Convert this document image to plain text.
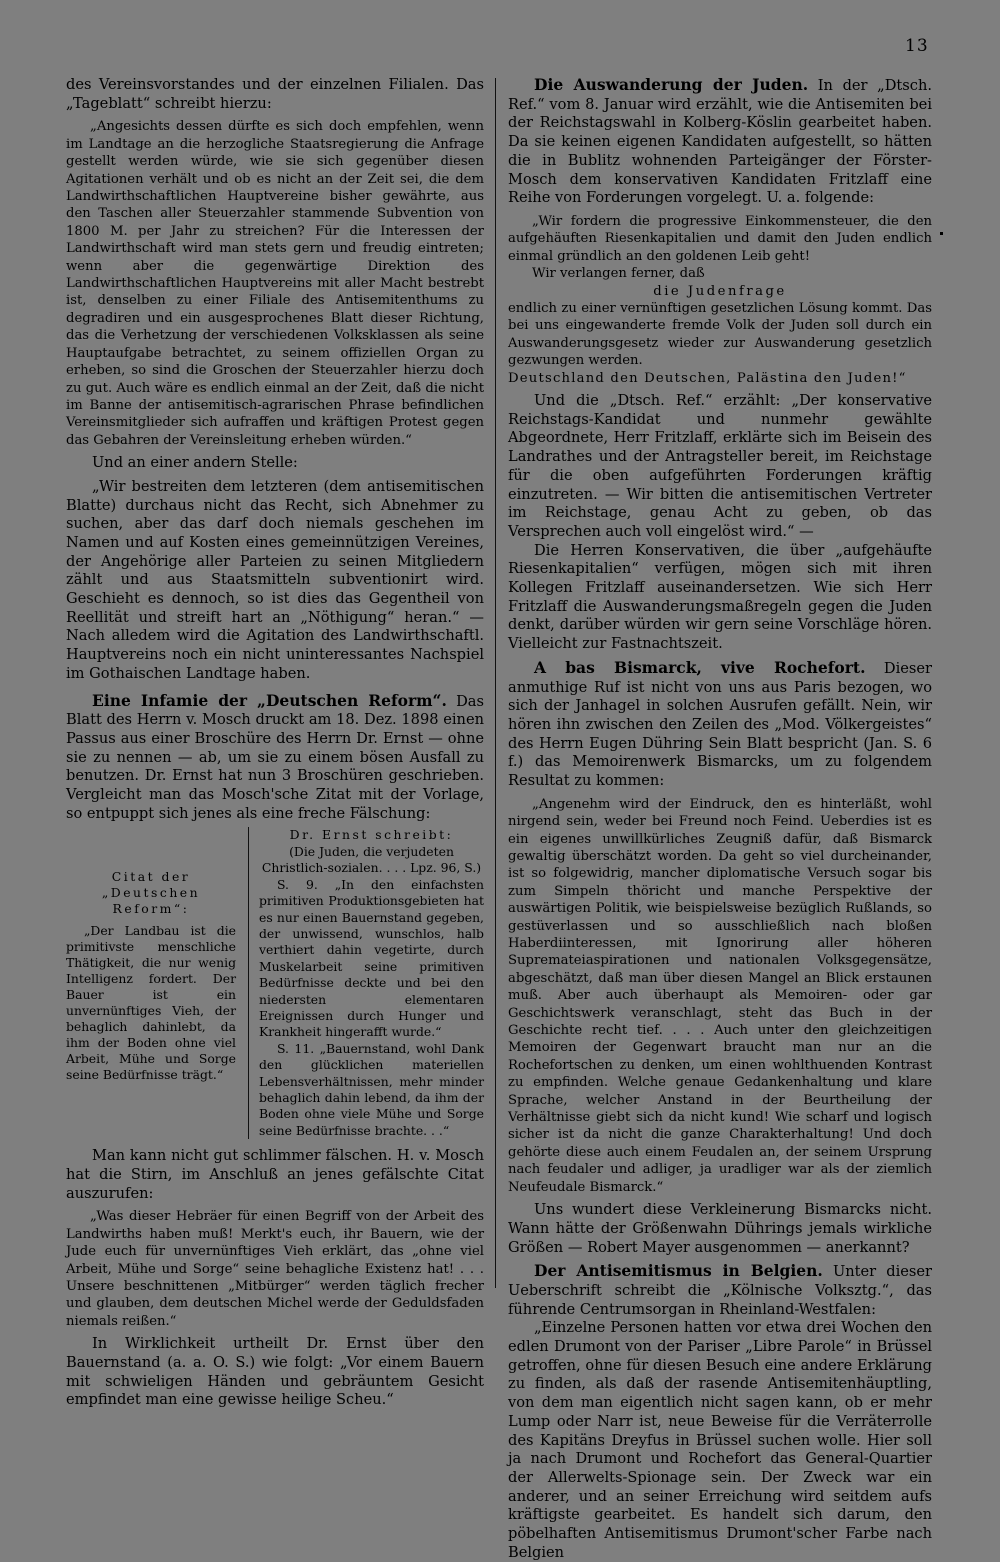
13

des Vereinsvorstandes und der einzelnen Filialen. Das „Tageblatt“ schreibt hierzu:

„Angesichts dessen dürfte es sich doch empfehlen, wenn im Landtage an die herzogliche Staatsregierung die Anfrage gestellt werden würde, wie sie sich gegenüber diesen Agitationen verhält und ob es nicht an der Zeit sei, die dem Landwirthschaftlichen Hauptvereine bisher gewährte, aus den Taschen aller Steuerzahler stammende Subvention von 1800 M. per Jahr zu streichen? Für die Interessen der Landwirthschaft wird man stets gern und freudig eintreten; wenn aber die gegenwärtige Direktion des Landwirthschaftlichen Hauptvereins mit aller Macht bestrebt ist, denselben zu einer Filiale des Antisemitenthums zu degradiren und ein ausgesprochenes Blatt dieser Richtung, das die Verhetzung der verschiedenen Volksklassen als seine Hauptaufgabe betrachtet, zu seinem offiziellen Organ zu erheben, so sind die Groschen der Steuerzahler hierzu doch zu gut. Auch wäre es endlich einmal an der Zeit, daß die nicht im Banne der antisemitisch-agrarischen Phrase befindlichen Vereinsmitglieder sich aufraffen und kräftigen Protest gegen das Gebahren der Vereinsleitung erheben würden.“

Und an einer andern Stelle:

„Wir bestreiten dem letzteren (dem antisemitischen Blatte) durchaus nicht das Recht, sich Abnehmer zu suchen, aber das darf doch niemals geschehen im Namen und auf Kosten eines gemeinnützigen Vereines, der Angehörige aller Parteien zu seinen Mitgliedern zählt und aus Staatsmitteln subventionirt wird. Geschieht es dennoch, so ist dies das Gegentheil von Reellität und streift hart an „Nöthigung“ heran.“ — Nach alledem wird die Agitation des Landwirthschaftl. Hauptvereins noch ein nicht uninteressantes Nachspiel im Gothaischen Landtage haben.

Eine Infamie der „Deutschen Reform“. Das Blatt des Herrn v. Mosch druckt am 18. Dez. 1898 einen Passus aus einer Broschüre des Herrn Dr. Ernst — ohne sie zu nennen — ab, um sie zu einem bösen Ausfall zu benutzen. Dr. Ernst hat nun 3 Broschüren geschrieben. Vergleicht man das Mosch'sche Zitat mit der Vorlage, so entpuppt sich jenes als eine freche Fälschung:

Citat der „Deutschen Reform“:

„Der Landbau ist die primitivste menschliche Thätigkeit, die nur wenig Intelligenz fordert. Der Bauer ist ein unvernünftiges Vieh, der behaglich dahinlebt, da ihm der Boden ohne viel Arbeit, Mühe und Sorge seine Bedürfnisse trägt.“

Dr. Ernst schreibt:

(Die Juden, die verjudeten Christlich-sozialen. . . . Lpz. 96, S.)

S. 9. „In den einfachsten primitiven Produktionsgebieten hat es nur einen Bauernstand gegeben, der unwissend, wunschlos, halb verthiert dahin vegetirte, durch Muskelarbeit seine primitiven Bedürfnisse deckte und bei den niedersten elementaren Ereignissen durch Hunger und Krankheit hingerafft wurde.“

S. 11. „Bauernstand, wohl Dank den glücklichen materiellen Lebensverhältnissen, mehr minder behaglich dahin lebend, da ihm der Boden ohne viele Mühe und Sorge seine Bedürfnisse brachte. . .“

Man kann nicht gut schlimmer fälschen. H. v. Mosch hat die Stirn, im Anschluß an jenes gefälschte Citat auszurufen:

„Was dieser Hebräer für einen Begriff von der Arbeit des Landwirths haben muß! Merkt's euch, ihr Bauern, wie der Jude euch für unvernünftiges Vieh erklärt, das „ohne viel Arbeit, Mühe und Sorge“ seine behagliche Existenz hat! . . . Unsere beschnittenen „Mitbürger“ werden täglich frecher und glauben, dem deutschen Michel werde der Geduldsfaden niemals reißen.“

In Wirklichkeit urtheilt Dr. Ernst über den Bauernstand (a. a. O. S.) wie folgt: „Vor einem Bauern mit schwieligen Händen und gebräuntem Gesicht empfindet man eine gewisse heilige Scheu.“

Die Auswanderung der Juden. In der „Dtsch. Ref.“ vom 8. Januar wird erzählt, wie die Antisemiten bei der Reichstagswahl in Kolberg-Köslin gearbeitet haben. Da sie keinen eigenen Kandidaten aufgestellt, so hätten die in Bublitz wohnenden Parteigänger der Förster-Mosch dem konservativen Kandidaten Fritzlaff eine Reihe von Forderungen vorgelegt. U. a. folgende:

„Wir fordern die progressive Einkommensteuer, die den aufgehäuften Riesenkapitalien und damit den Juden endlich einmal gründlich an den goldenen Leib geht!

Wir verlangen ferner, daß

die Judenfrage

endlich zu einer vernünftigen gesetzlichen Lösung kommt. Das bei uns eingewanderte fremde Volk der Juden soll durch ein Auswanderungsgesetz wieder zur Auswanderung gesetzlich gezwungen werden.

Deutschland den Deutschen, Palästina den Juden!“

Und die „Dtsch. Ref.“ erzählt: „Der konservative Reichstags-Kandidat und nunmehr gewählte Abgeordnete, Herr Fritzlaff, erklärte sich im Beisein des Landrathes und der Antragsteller bereit, im Reichstage für die oben aufgeführten Forderungen kräftig einzutreten. — Wir bitten die antisemitischen Vertreter im Reichstage, genau Acht zu geben, ob das Versprechen auch voll eingelöst wird.“ —

Die Herren Konservativen, die über „aufgehäufte Riesenkapitalien“ verfügen, mögen sich mit ihren Kollegen Fritzlaff auseinandersetzen. Wie sich Herr Fritzlaff die Auswanderungsmaßregeln gegen die Juden denkt, darüber würden wir gern seine Vorschläge hören. Vielleicht zur Fastnachtszeit.

A bas Bismarck, vive Rochefort. Dieser anmuthige Ruf ist nicht von uns aus Paris bezogen, wo sich der Janhagel in solchen Ausrufen gefällt. Nein, wir hören ihn zwischen den Zeilen des „Mod. Völkergeistes“ des Herrn Eugen Dühring Sein Blatt bespricht (Jan. S. 6 f.) das Memoirenwerk Bismarcks, um zu folgendem Resultat zu kommen:

„Angenehm wird der Eindruck, den es hinterläßt, wohl nirgend sein, weder bei Freund noch Feind. Ueberdies ist es ein eigenes unwillkürliches Zeugniß dafür, daß Bismarck gewaltig überschätzt worden. Da geht so viel durcheinander, ist so folgewidrig, mancher diplomatische Versuch sogar bis zum Simpeln thöricht und manche Perspektive der auswärtigen Politik, wie beispielsweise bezüglich Rußlands, so gestüverlassen und so ausschließlich nach bloßen Haberdiinteressen, mit Ignorirung aller höheren Supremateiaspirationen und nationalen Volksgegensätze, abgeschätzt, daß man über diesen Mangel an Blick erstaunen muß. Aber auch überhaupt als Memoiren- oder gar Geschichtswerk veranschlagt, steht das Buch in der Geschichte recht tief. . . . Auch unter den gleichzeitigen Memoiren der Gegenwart braucht man nur an die Rochefortschen zu denken, um einen wohlthuenden Kontrast zu empfinden. Welche genaue Gedankenhaltung und klare Sprache, welcher Anstand in der Beurtheilung der Verhältnisse giebt sich da nicht kund! Wie scharf und logisch sicher ist da nicht die ganze Charakterhaltung! Und doch gehörte diese auch einem Feudalen an, der seinem Ursprung nach feudaler und adliger, ja uradliger war als der ziemlich Neufeudale Bismarck.“

Uns wundert diese Verkleinerung Bismarcks nicht. Wann hätte der Größenwahn Dührings jemals wirkliche Größen — Robert Mayer ausgenommen — anerkannt?

Der Antisemitismus in Belgien. Unter dieser Ueberschrift schreibt die „Kölnische Volksztg.“, das führende Centrumsorgan in Rheinland-Westfalen:

„Einzelne Personen hatten vor etwa drei Wochen den edlen Drumont von der Pariser „Libre Parole“ in Brüssel getroffen, ohne für diesen Besuch eine andere Erklärung zu finden, als daß der rasende Antisemitenhäuptling, von dem man eigentlich nicht sagen kann, ob er mehr Lump oder Narr ist, neue Beweise für die Verräterrolle des Kapitäns Dreyfus in Brüssel suchen wolle. Hier soll ja nach Drumont und Rochefort das General-Quartier der Allerwelts-Spionage sein. Der Zweck war ein anderer, und an seiner Erreichung wird seitdem aufs kräftigste gearbeitet. Es handelt sich darum, den pöbelhaften Antisemitismus Drumont'scher Farbe nach Belgien
